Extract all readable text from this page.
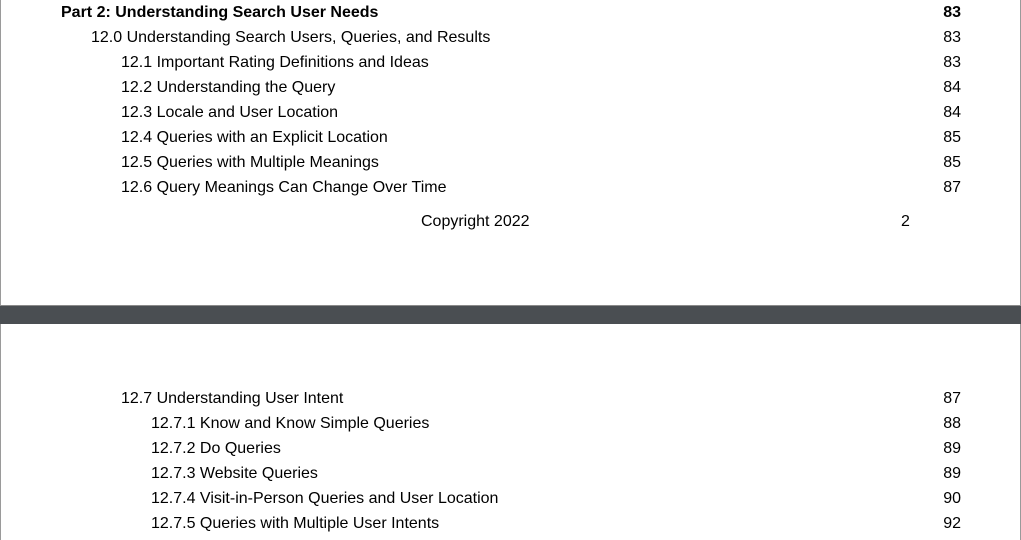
Part 2: Understanding Search User Needs	83
12.0 Understanding Search Users, Queries, and Results	83
12.1 Important Rating Definitions and Ideas	83
12.2 Understanding the Query	84
12.3 Locale and User Location	84
12.4 Queries with an Explicit Location	85
12.5 Queries with Multiple Meanings	85
12.6 Query Meanings Can Change Over Time	87
Copyright 2022	2
12.7 Understanding User Intent	87
12.7.1 Know and Know Simple Queries	88
12.7.2 Do Queries	89
12.7.3 Website Queries	89
12.7.4 Visit-in-Person Queries and User Location	90
12.7.5 Queries with Multiple User Intents	92
